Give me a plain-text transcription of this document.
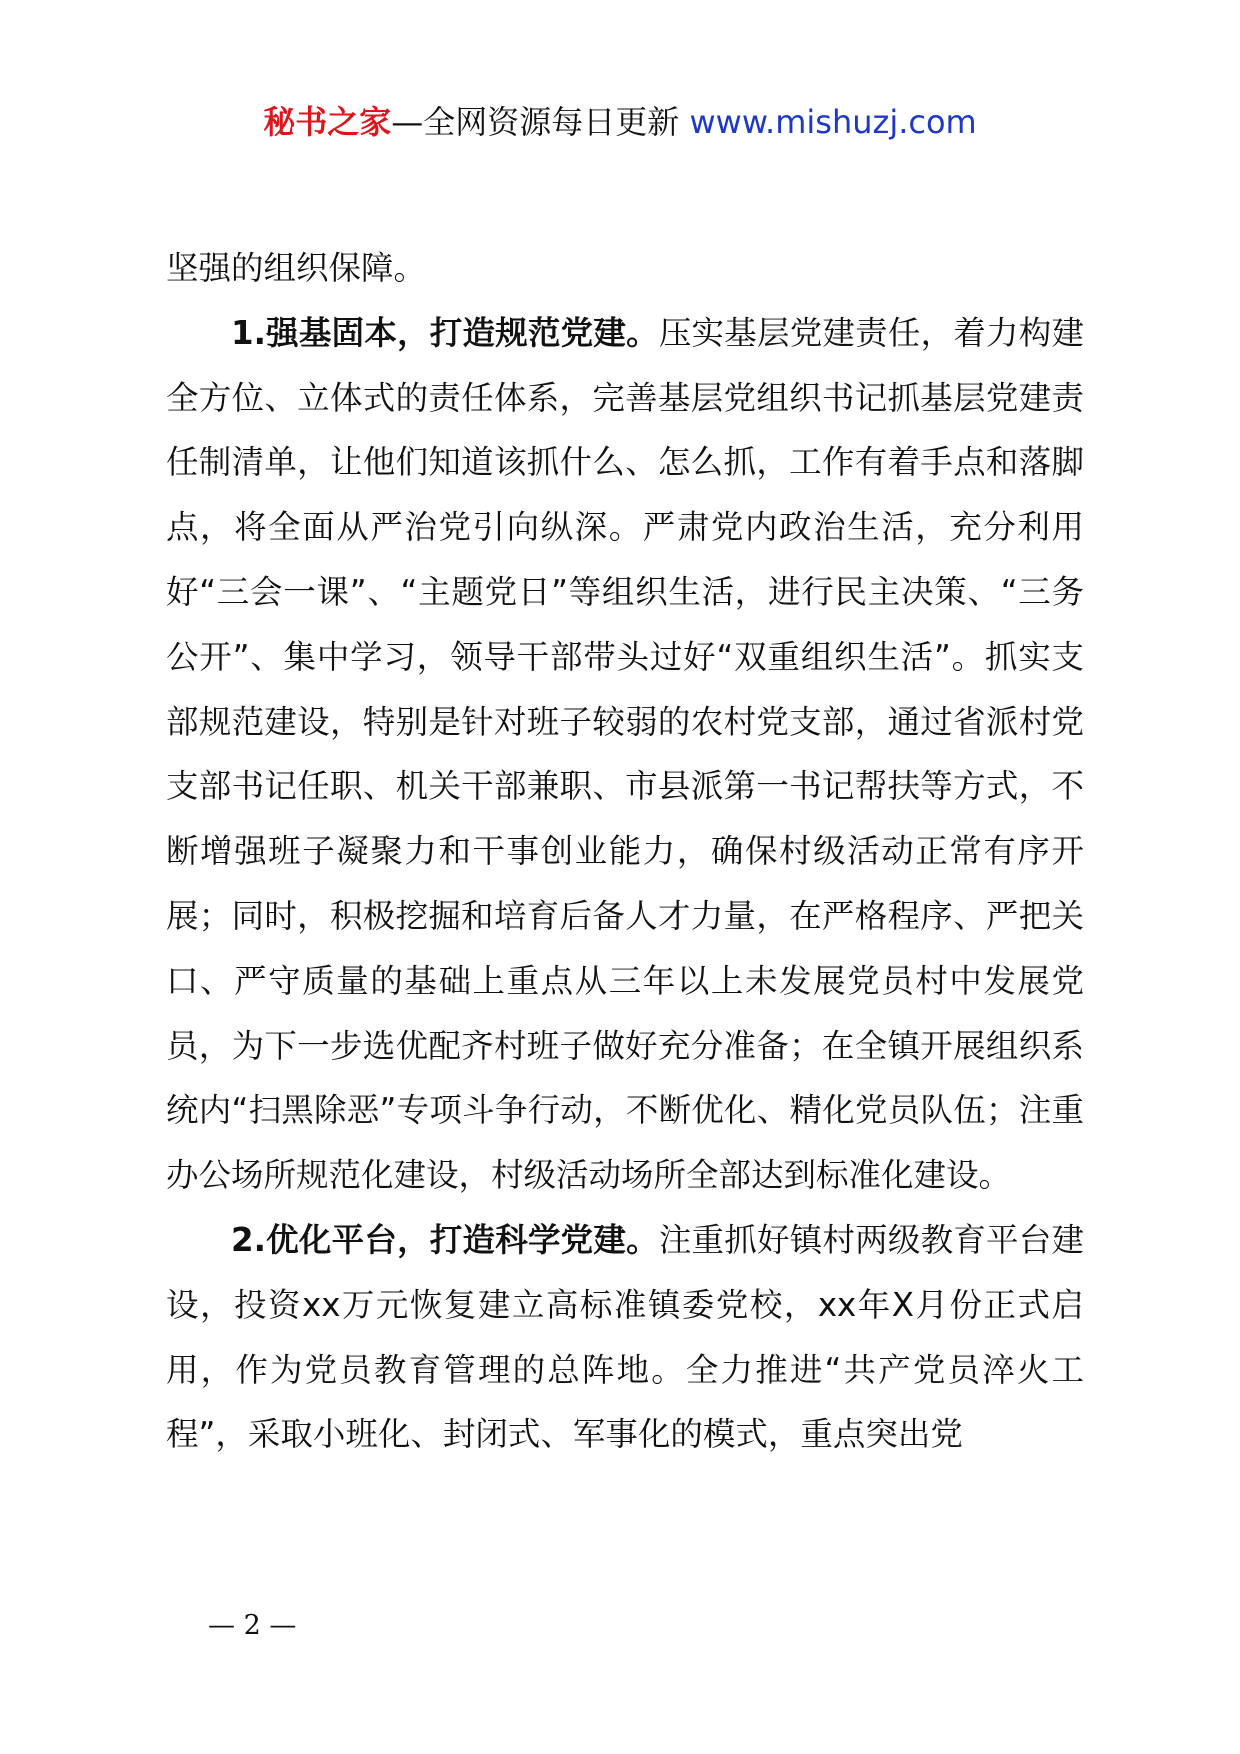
秘书之家—全网资源每日更新 www.mishuzj.com

坚强的组织保障。

1.强基固本，打造规范党建。压实基层党建责任，着力构建全方位、立体式的责任体系，完善基层党组织书记抓基层党建责任制清单，让他们知道该抓什么、怎么抓，工作有着手点和落脚点，将全面从严治党引向纵深。严肃党内政治生活，充分利用好“三会一课”、“主题党日”等组织生活，进行民主决策、“三务公开”、集中学习，领导干部带头过好“双重组织生活”。抓实支部规范建设，特别是针对班子较弱的农村党支部，通过省派村党支部书记任职、机关干部兼职、市县派第一书记帮扶等方式，不断增强班子凝聚力和干事创业能力，确保村级活动正常有序开展；同时，积极挖掘和培育后备人才力量，在严格程序、严把关口、严守质量的基础上重点从三年以上未发展党员村中发展党员，为下一步选优配齐村班子做好充分准备；在全镇开展组织系统内“扫黑除恶”专项斗争行动，不断优化、精化党员队伍；注重办公场所规范化建设，村级活动场所全部达到标准化建设。

2.优化平台，打造科学党建。注重抓好镇村两级教育平台建设，投资xx万元恢复建立高标准镇委党校，xx年X月份正式启用，作为党员教育管理的总阵地。全力推进“共产党员淬火工程”，采取小班化、封闭式、军事化的模式，重点突出党

— 2 —
